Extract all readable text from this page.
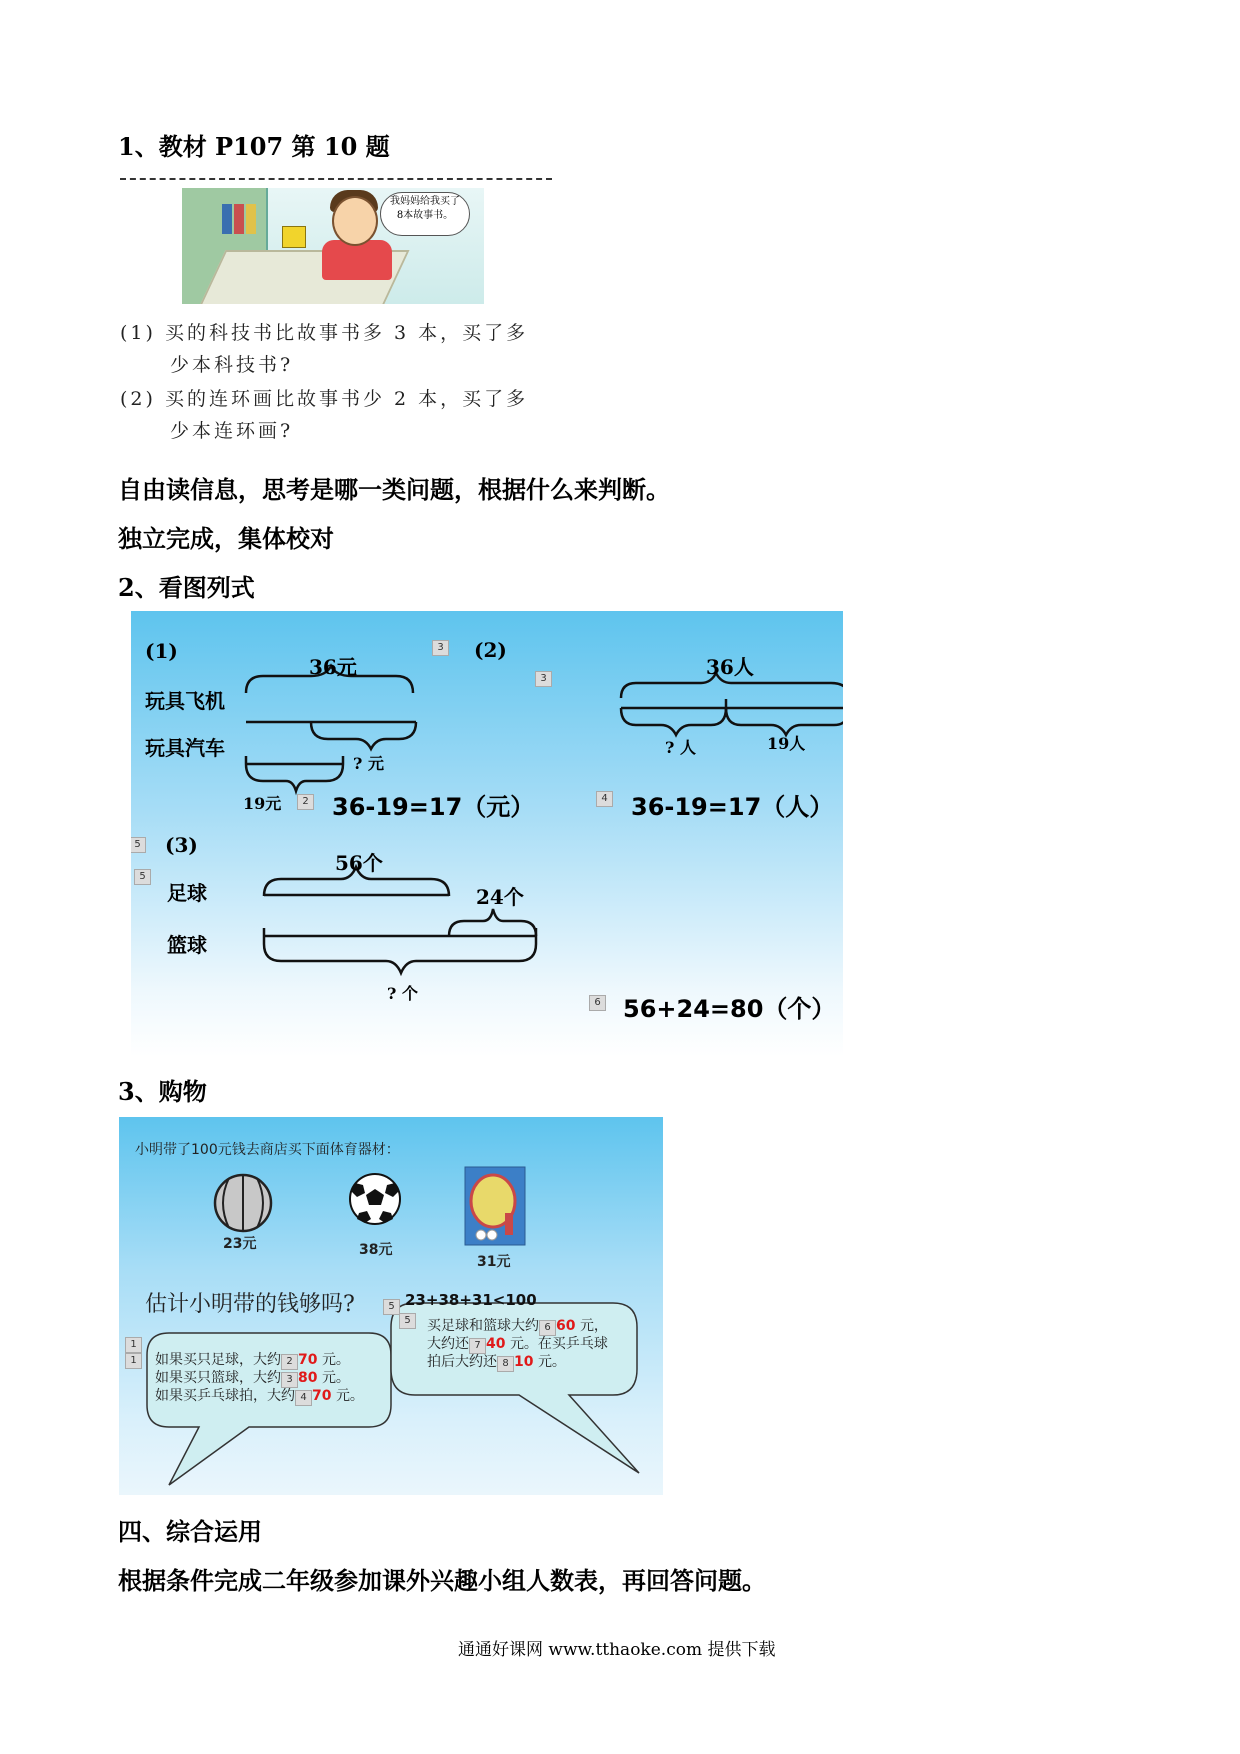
1、教材 P107 第 10 题
我妈妈给我买了8本故事书。
(1) 买的科技书比故事书多 3 本，买了多
少本科技书?
(2) 买的连环画比故事书少 2 本，买了多
少本连环画?
自由读信息，思考是哪一类问题，根据什么来判断。
独立完成，集体校对
2、看图列式
(1)
玩具飞机
玩具汽车
36元
? 元
19元	2 36-19=17（元）
3 (2)
3	36人
? 人	19人
4 36-19=17（人）
5 (3)
5
足球
篮球
56个
24个
? 个	6 56+24=80（个）
3、购物
小明带了100元钱去商店买下面体育器材：
23元	38元
31元
估计小明带的钱够吗?	23+38+31<100
1
1	如果买只足球，大约 2 70 元。
如果买只篮球，大约 3 80 元。
如果买乒乓球拍，大约 4 70 元。
5
5	买足球和篮球大约 6 60 元，
大约还 7 40 元。在买乒乓球
拍后大约还 8 10 元。
四、综合运用
根据条件完成二年级参加课外兴趣小组人数表，再回答问题。
通通好课网 www.tthaoke.com 提供下载
